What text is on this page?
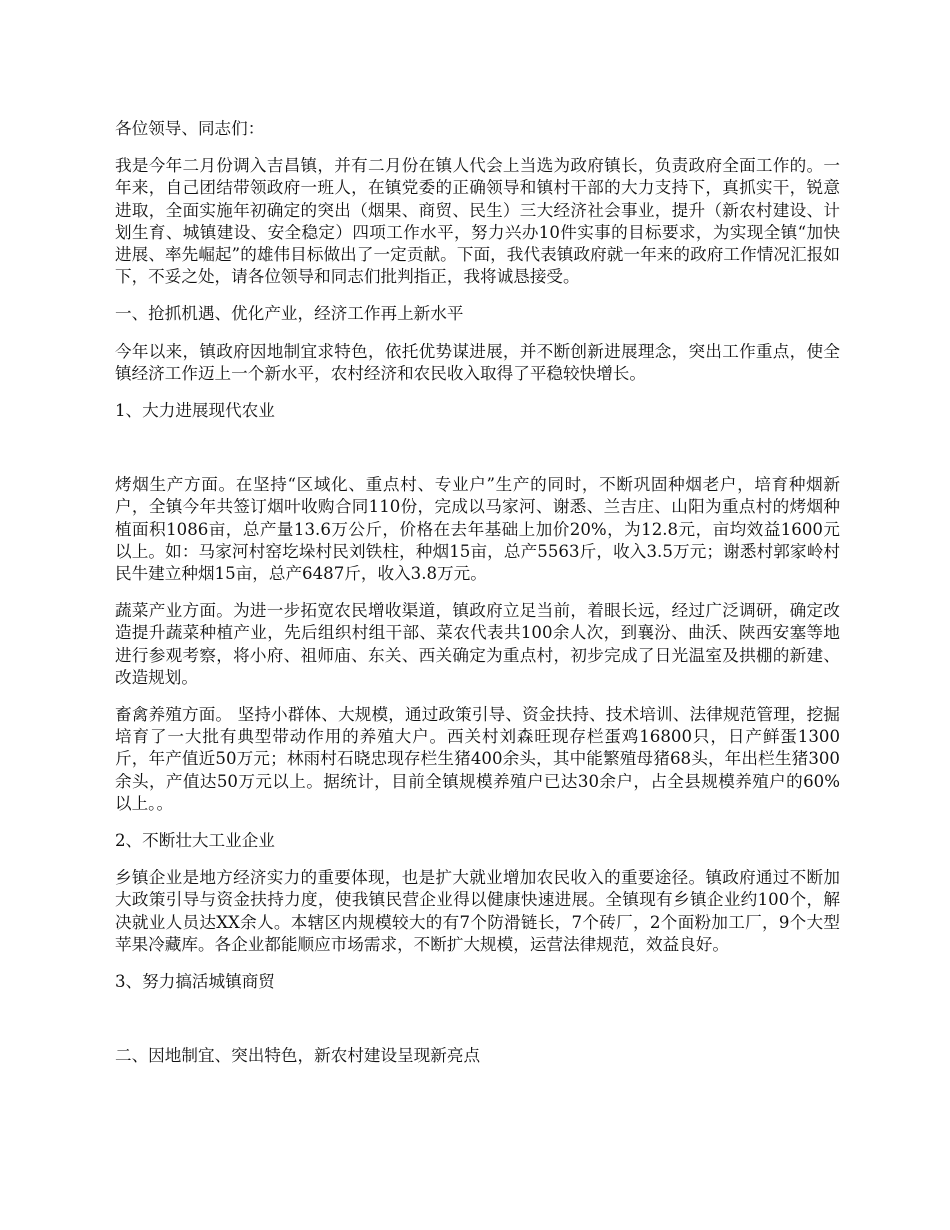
各位领导、同志们：

我是今年二月份调入吉昌镇，并有二月份在镇人代会上当选为政府镇长，负责政府全面工作的。一年来，自己团结带领政府一班人，在镇党委的正确领导和镇村干部的大力支持下，真抓实干，锐意进取，全面实施年初确定的突出（烟果、商贸、民生）三大经济社会事业，提升（新农村建设、计划生育、城镇建设、安全稳定）四项工作水平，努力兴办10件实事的目标要求，为实现全镇“加快进展、率先崛起”的雄伟目标做出了一定贡献。下面，我代表镇政府就一年来的政府工作情况汇报如下，不妥之处，请各位领导和同志们批判指正，我将诚恳接受。

一、抢抓机遇、优化产业，经济工作再上新水平

今年以来，镇政府因地制宜求特色，依托优势谋进展，并不断创新进展理念，突出工作重点，使全镇经济工作迈上一个新水平，农村经济和农民收入取得了平稳较快增长。

1、大力进展现代农业

烤烟生产方面。在坚持“区域化、重点村、专业户”生产的同时，不断巩固种烟老户，培育种烟新户，全镇今年共签订烟叶收购合同110份，完成以马家河、谢悉、兰吉庄、山阳为重点村的烤烟种植面积1086亩，总产量13.6万公斤，价格在去年基础上加价20%，为12.8元，亩均效益1600元以上。如：马家河村窑圪垛村民刘铁柱，种烟15亩，总产5563斤，收入3.5万元；谢悉村郭家岭村民牛建立种烟15亩，总产6487斤，收入3.8万元。

蔬菜产业方面。为进一步拓宽农民增收渠道，镇政府立足当前，着眼长远，经过广泛调研，确定改造提升蔬菜种植产业，先后组织村组干部、菜农代表共100余人次，到襄汾、曲沃、陕西安塞等地进行参观考察，将小府、祖师庙、东关、西关确定为重点村，初步完成了日光温室及拱棚的新建、改造规划。

畜禽养殖方面。 坚持小群体、大规模，通过政策引导、资金扶持、技术培训、法律规范管理，挖掘培育了一大批有典型带动作用的养殖大户。西关村刘森旺现存栏蛋鸡16800只，日产鲜蛋1300斤，年产值近50万元；林雨村石晓忠现存栏生猪400余头，其中能繁殖母猪68头，年出栏生猪300余头，产值达50万元以上。据统计，目前全镇规模养殖户已达30余户，占全县规模养殖户的60%以上。。

2、不断壮大工业企业

乡镇企业是地方经济实力的重要体现，也是扩大就业增加农民收入的重要途径。镇政府通过不断加大政策引导与资金扶持力度，使我镇民营企业得以健康快速进展。全镇现有乡镇企业约100个，解决就业人员达XX余人。本辖区内规模较大的有7个防滑链长，7个砖厂，2个面粉加工厂，9个大型苹果冷藏库。各企业都能顺应市场需求，不断扩大规模，运营法律规范，效益良好。

3、努力搞活城镇商贸

二、因地制宜、突出特色，新农村建设呈现新亮点
